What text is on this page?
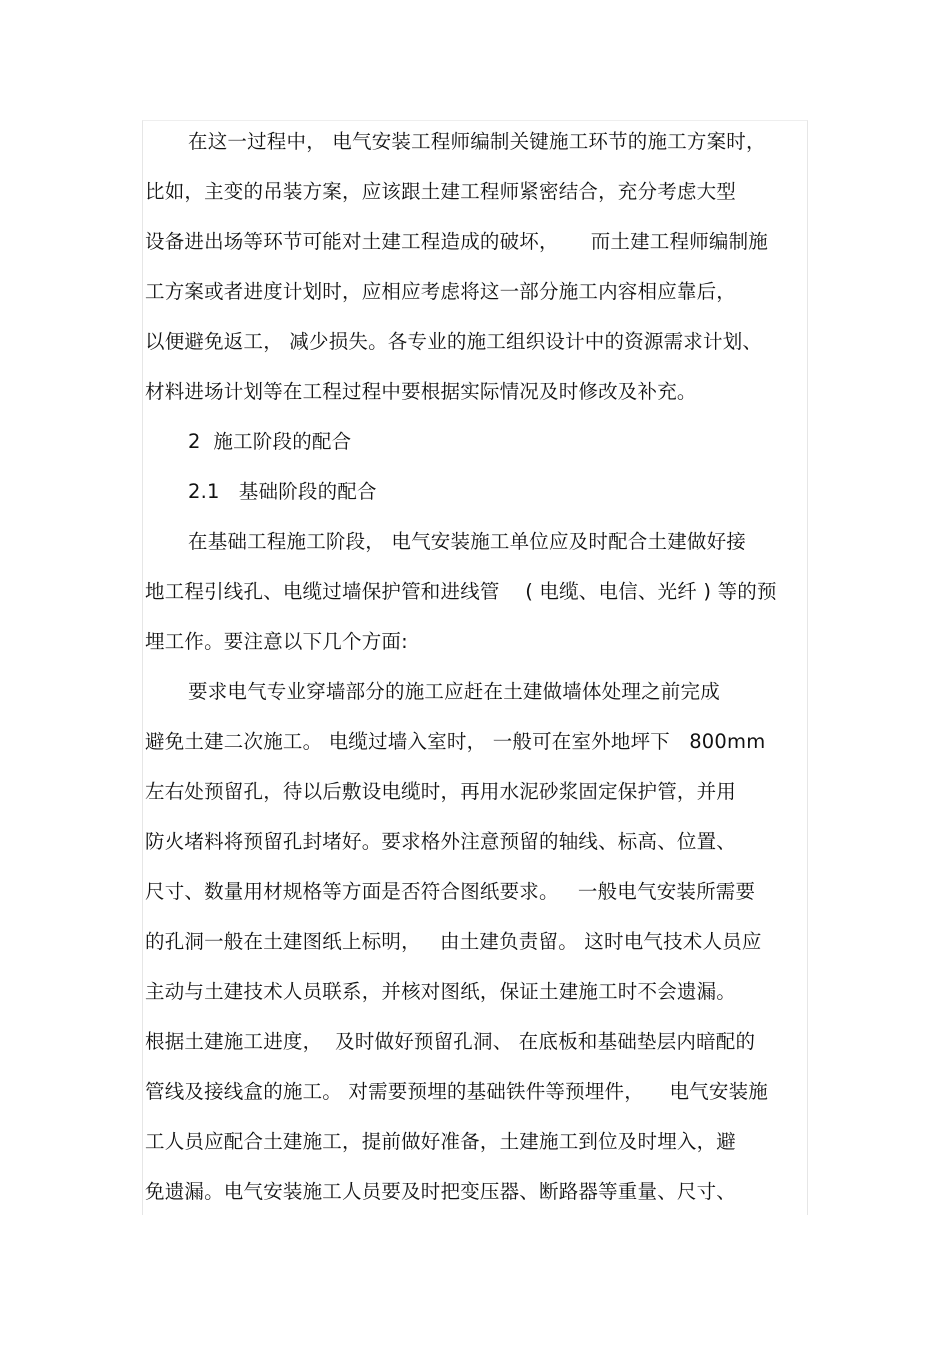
在这一过程中， 电气安装工程师编制关键施工环节的施工方案时，
比如，主变的吊装方案，应该跟土建工程师紧密结合，充分考虑大型
设备进出场等环节可能对土建工程造成的破坏，     而土建工程师编制施
工方案或者进度计划时，应相应考虑将这一部分施工内容相应靠后，
以便避免返工， 减少损失。各专业的施工组织设计中的资源需求计划、
材料进场计划等在工程过程中要根据实际情况及时修改及补充。
2  施工阶段的配合
2.1   基础阶段的配合
在基础工程施工阶段， 电气安装施工单位应及时配合土建做好接
地工程引线孔、电缆过墙保护管和进线管    ( 电缆、电信、光纤 ) 等的预
埋工作。要注意以下几个方面:
要求电气专业穿墙部分的施工应赶在土建做墙体处理之前完成
避免土建二次施工。 电缆过墙入室时， 一般可在室外地坪下   800mm
左右处预留孔，待以后敷设电缆时，再用水泥砂浆固定保护管，并用
防火堵料将预留孔封堵好。要求格外注意预留的轴线、标高、位置、
尺寸、数量用材规格等方面是否符合图纸要求。   一般电气安装所需要
的孔洞一般在土建图纸上标明，   由土建负责留。 这时电气技术人员应
主动与土建技术人员联系，并核对图纸，保证土建施工时不会遗漏。
根据土建施工进度，  及时做好预留孔洞、 在底板和基础垫层内暗配的
管线及接线盒的施工。 对需要预埋的基础铁件等预埋件，    电气安装施
工人员应配合土建施工，提前做好准备，土建施工到位及时埋入，避
免遗漏。电气安装施工人员要及时把变压器、断路器等重量、尺寸、
